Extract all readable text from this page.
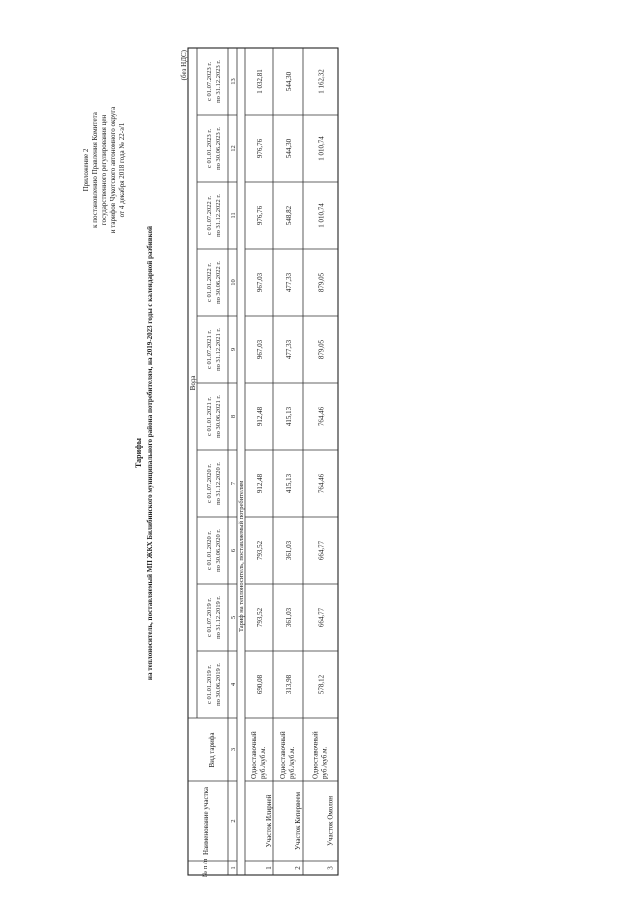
Приложение 2 к постановлению Правления Комитета государственного регулирования цен и тарифов Чукотского автономного округа от 4 декабря 2018 года № 22-з/1
Тарифы на теплоноситель, поставляемый МП ЖКХ Билибинского муниципального района потребителям, на 2019-2023 годы с календарной разбивкой
(без НДС)
№ п /п
Наименование участка
Вид тарифа
Вода
с 01.01.2019 г. по 30.06.2019 г.
с 01.07.2019 г. по 31.12.2019 г.
с 01.01.2020 г. по 30.06.2020 г.
с 01.07.2020 г. по 31.12.2020 г.
с 01.01.2021 г. по 30.06.2021 г.
с 01.07.2021 г. по 31.12.2021 г.
с 01.01.2022 г. по 30.06.2022 г.
с 01.07.2022 г. по 31.12.2022 г.
с 01.01.2023 г. по 30.06.2023 г.
с 01.07.2023 г. по 31.12.2023 г.
1
2
3
4
5
6
7
8
9
10
11
12
13
Тариф на теплоноситель, поставляемый потребителям
1
Участок Илирней
Одноставочный руб./куб.м.
690,08
793,52
793,52
912,48
912,48
967,03
967,03
976,76
976,76
1 032,81
2
Участок Кепервеем
Одноставочный руб./куб.м.
313,98
361,03
361,03
415,13
415,13
477,33
477,33
548,82
544,30
544,30
3
Участок Омолон
Одноставочный руб./куб.м.
578,12
664,77
664,77
764,46
764,46
879,05
879,05
1 010,74
1 010,74
1 162,32
